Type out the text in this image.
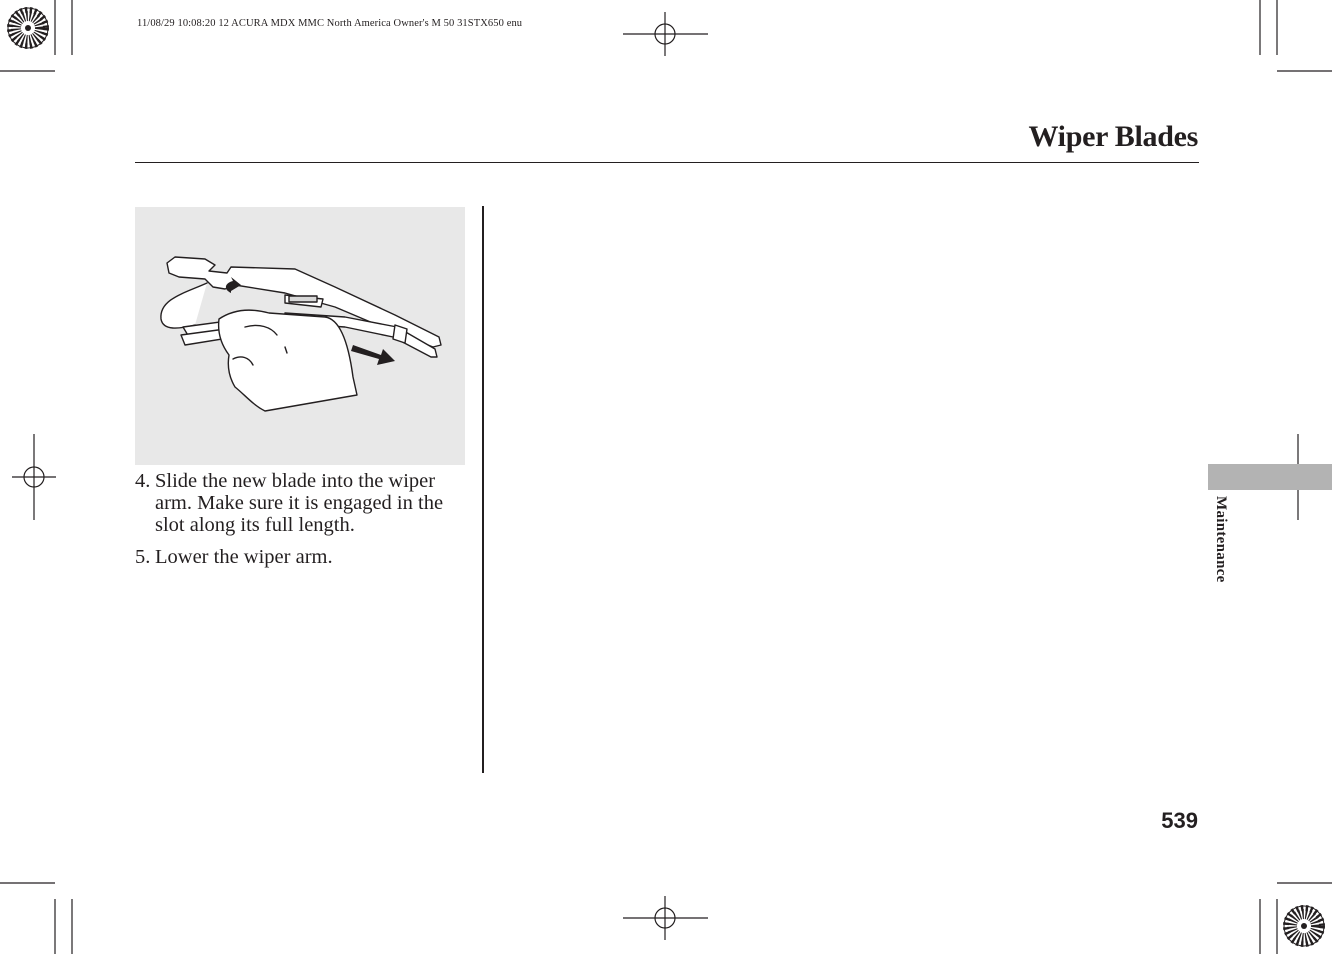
11/08/29 10:08:20 12 ACURA MDX MMC North America Owner's M 50 31STX650 enu
Wiper Blades
4. Slide the new blade into the wiper arm. Make sure it is engaged in the slot along its full length.
5. Lower the wiper arm.	Maintenance
539
